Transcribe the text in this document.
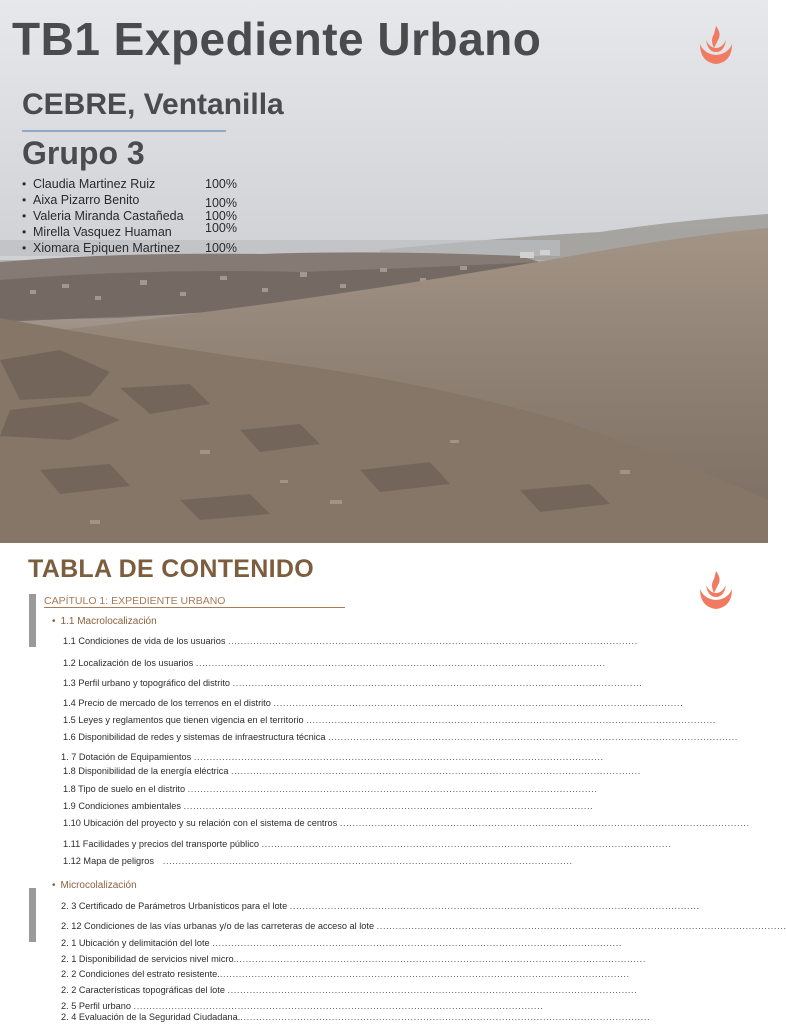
TB1 Expediente Urbano
CEBRE, Ventanilla
Grupo 3
• Claudia Martinez Ruiz	100%
• Aixa Pizarro Benito	100%
• Valeria Miranda Castañeda 100%
• Mirella Vasquez Huaman	100%
• Xiomara Epiquen Martinez 100%
TABLA DE CONTENIDO
CAPÍTULO 1: EXPEDIENTE URBANO
• 1.1 Macrolocalización
1.1 Condiciones de vida de los usuarios ..................................................................................................................................
1.2 Localización de los usuarios ..................................................................................................................................
1.3 Perfil urbano y topográfico del distrito ..................................................................................................................................
1.4 Precio de mercado de los terrenos en el distrito ..................................................................................................................................
1.5 Leyes y reglamentos que tienen vigencia en el territorio ..................................................................................................................................
1.6 Disponibilidad de redes y sistemas de infraestructura técnica ..................................................................................................................................
1. 7 Dotación de Equipamientos ..................................................................................................................................
1.8 Disponibilidad de la energía eléctrica ..................................................................................................................................
1.8 Tipo de suelo en el distrito ..................................................................................................................................
1.9 Condiciones ambientales ..................................................................................................................................
1.10 Ubicación del proyecto y su relación con el sistema de centros ..................................................................................................................................
1.11 Facilidades y precios del transporte público ..................................................................................................................................
1.12 Mapa de peligros   ..................................................................................................................................
• Microcolalización
2. 3 Certificado de Parámetros Urbanísticos para el lote ..................................................................................................................................
2. 12 Condiciones de las vías urbanas y/o de las carreteras de acceso al lote ..................................................................................................................................
2. 1 Ubicación y delimitación del lote ..................................................................................................................................
2. 1 Disponibilidad de servicios nivel micro...................................................................................................................................
2. 2 Condiciones del estrato resistente...................................................................................................................................
2. 2 Características topográficas del lote ..................................................................................................................................
2. 5 Perfil urbano ..................................................................................................................................
2. 4 Evaluación de la Seguridad Ciudadana...................................................................................................................................
